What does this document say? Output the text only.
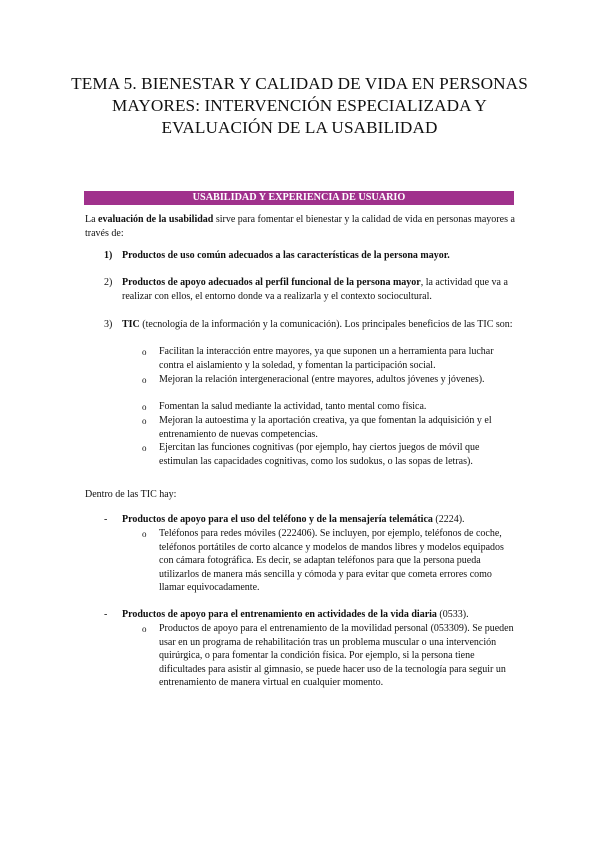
TEMA 5. BIENESTAR Y CALIDAD DE VIDA EN PERSONAS MAYORES: INTERVENCIÓN ESPECIALIZADA Y EVALUACIÓN DE LA USABILIDAD
USABILIDAD Y EXPERIENCIA DE USUARIO
La evaluación de la usabilidad sirve para fomentar el bienestar y la calidad de vida en personas mayores a través de:
1) Productos de uso común adecuados a las características de la persona mayor.
2) Productos de apoyo adecuados al perfil funcional de la persona mayor, la actividad que va a realizar con ellos, el entorno donde va a realizarla y el contexto sociocultural.
3) TIC (tecnología de la información y la comunicación). Los principales beneficios de las TIC son:
o Facilitan la interacción entre mayores, ya que suponen un a herramienta para luchar contra el aislamiento y la soledad, y fomentan la participación social.
o Mejoran la relación intergeneracional (entre mayores, adultos jóvenes y jóvenes).
o Fomentan la salud mediante la actividad, tanto mental como física.
o Mejoran la autoestima y la aportación creativa, ya que fomentan la adquisición y el entrenamiento de nuevas competencias.
o Ejercitan las funciones cognitivas (por ejemplo, hay ciertos juegos de móvil que estimulan las capacidades cognitivas, como los sudokus, o las sopas de letras).
Dentro de las TIC hay:
- Productos de apoyo para el uso del teléfono y de la mensajería telemática (2224).
o Teléfonos para redes móviles (222406). Se incluyen, por ejemplo, teléfonos de coche, teléfonos portátiles de corto alcance y modelos de mandos libres y modelos equipados con cámara fotográfica. Es decir, se adaptan teléfonos para que la persona pueda utilizarlos de manera más sencilla y cómoda y para evitar que cometa errores como llamar equivocadamente.
- Productos de apoyo para el entrenamiento en actividades de la vida diaria (0533).
o Productos de apoyo para el entrenamiento de la movilidad personal (053309). Se pueden usar en un programa de rehabilitación tras un problema muscular o una intervención quirúrgica, o para fomentar la condición física. Por ejemplo, si la persona tiene dificultades para asistir al gimnasio, se puede hacer uso de la tecnología para seguir un entrenamiento de manera virtual en cualquier momento.
